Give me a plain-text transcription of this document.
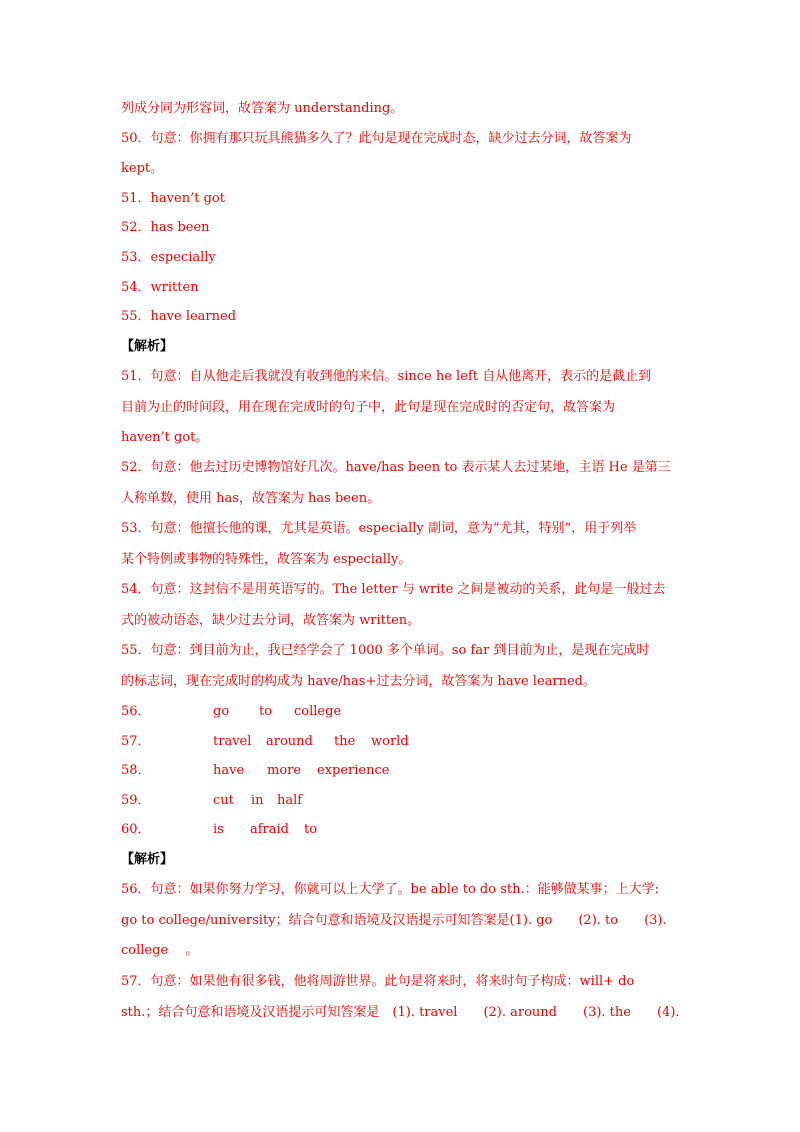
列成分同为形容词，故答案为 understanding。
50．句意：你拥有那只玩具熊猫多久了？此句是现在完成时态，缺少过去分词，故答案为
kept。
51．haven’t got
52．has been
53．especially
54．written
55．have learned
【解析】
51．句意：自从他走后我就没有收到他的来信。since he left 自从他离开，表示的是截止到
目前为止的时间段，用在现在完成时的句子中，此句是现在完成时的否定句，故答案为
haven’t got。
52．句意：他去过历史博物馆好几次。have/has been to 表示某人去过某地，主语 He 是第三
人称单数，使用 has，故答案为 has been。
53．句意：他擅长他的课，尤其是英语。especially 副词，意为“尤其，特别”，用于列举
某个特例或事物的特殊性，故答案为 especially。
54．句意：这封信不是用英语写的。The letter 与 write 之间是被动的关系，此句是一般过去
式的被动语态，缺少过去分词，故答案为 written。
55．句意：到目前为止，我已经学会了 1000 多个单词。so far 到目前为止，是现在完成时
的标志词，现在完成时的构成为 have/has+过去分词，故答案为 have learned。
56．	go to college
57．	travel around the world
58．	have more experience
59．	cut in half
60．	is afraid to
【解析】
56．句意：如果你努力学习，你就可以上大学了。be able to do sth.：能够做某事；上大学:
go to college/university；结合句意和语境及汉语提示可知答案是(1). go　　(2). to　　(3).
college　 。
57．句意：如果他有很多钱，他将周游世界。此句是将来时，将来时句子构成：will+ do
sth.；结合句意和语境及汉语提示可知答案是　(1). travel　　(2). around　　(3). the　　(4).
